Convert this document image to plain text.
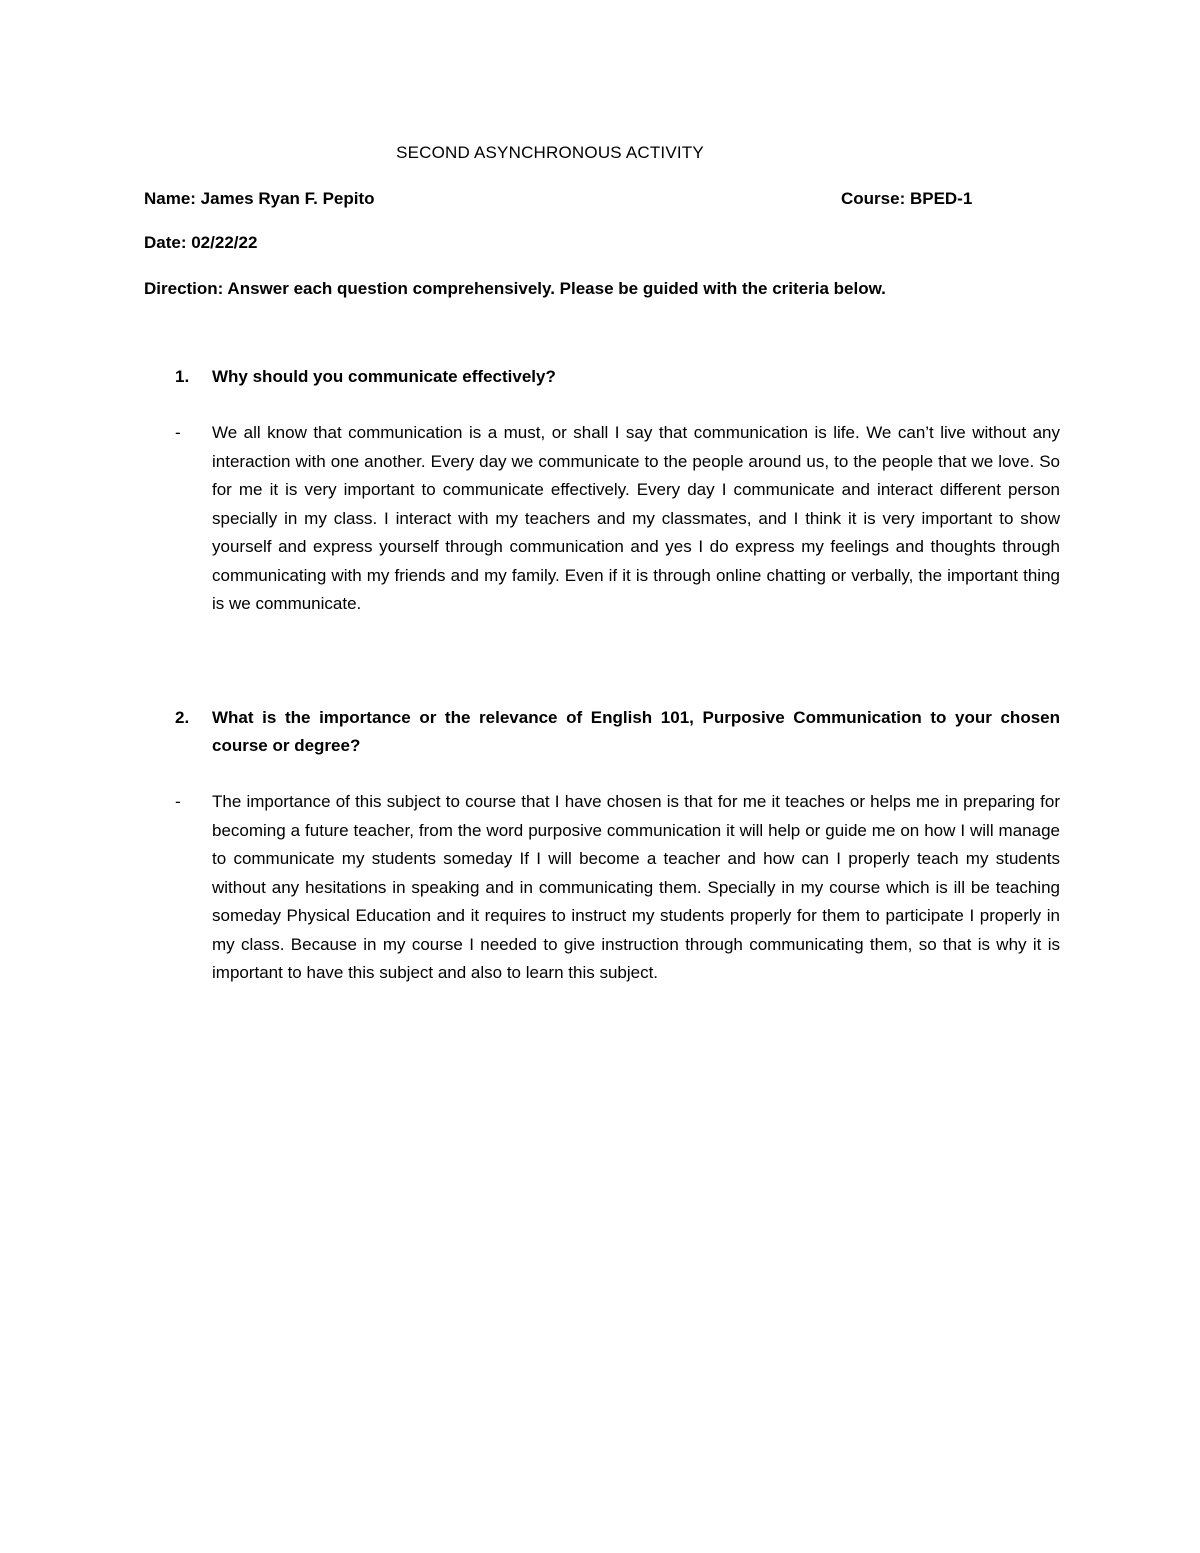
SECOND ASYNCHRONOUS ACTIVITY
Name: James Ryan F. Pepito	Course: BPED-1
Date: 02/22/22
Direction: Answer each question comprehensively. Please be guided with the criteria below.
1.	Why should you communicate effectively?
-	We all know that communication is a must, or shall I say that communication is life. We can’t live without any interaction with one another. Every day we communicate to the people around us, to the people that we love. So for me it is very important to communicate effectively. Every day I communicate and interact different person specially in my class. I interact with my teachers and my classmates, and I think it is very important to show yourself and express yourself through communication and yes I do express my feelings and thoughts through communicating with my friends and my family. Even if it is through online chatting or verbally, the important thing is we communicate.
2.	What is the importance or the relevance of English 101, Purposive Communication to your chosen course or degree?
-	The importance of this subject to course that I have chosen is that for me it teaches or helps me in preparing for becoming a future teacher, from the word purposive communication it will help or guide me on how I will manage to communicate my students someday If I will become a teacher and how can I properly teach my students without any hesitations in speaking and in communicating them. Specially in my course which is ill be teaching someday Physical Education and it requires to instruct my students properly for them to participate I properly in my class. Because in my course I needed to give instruction through communicating them, so that is why it is important to have this subject and also to learn this subject.
